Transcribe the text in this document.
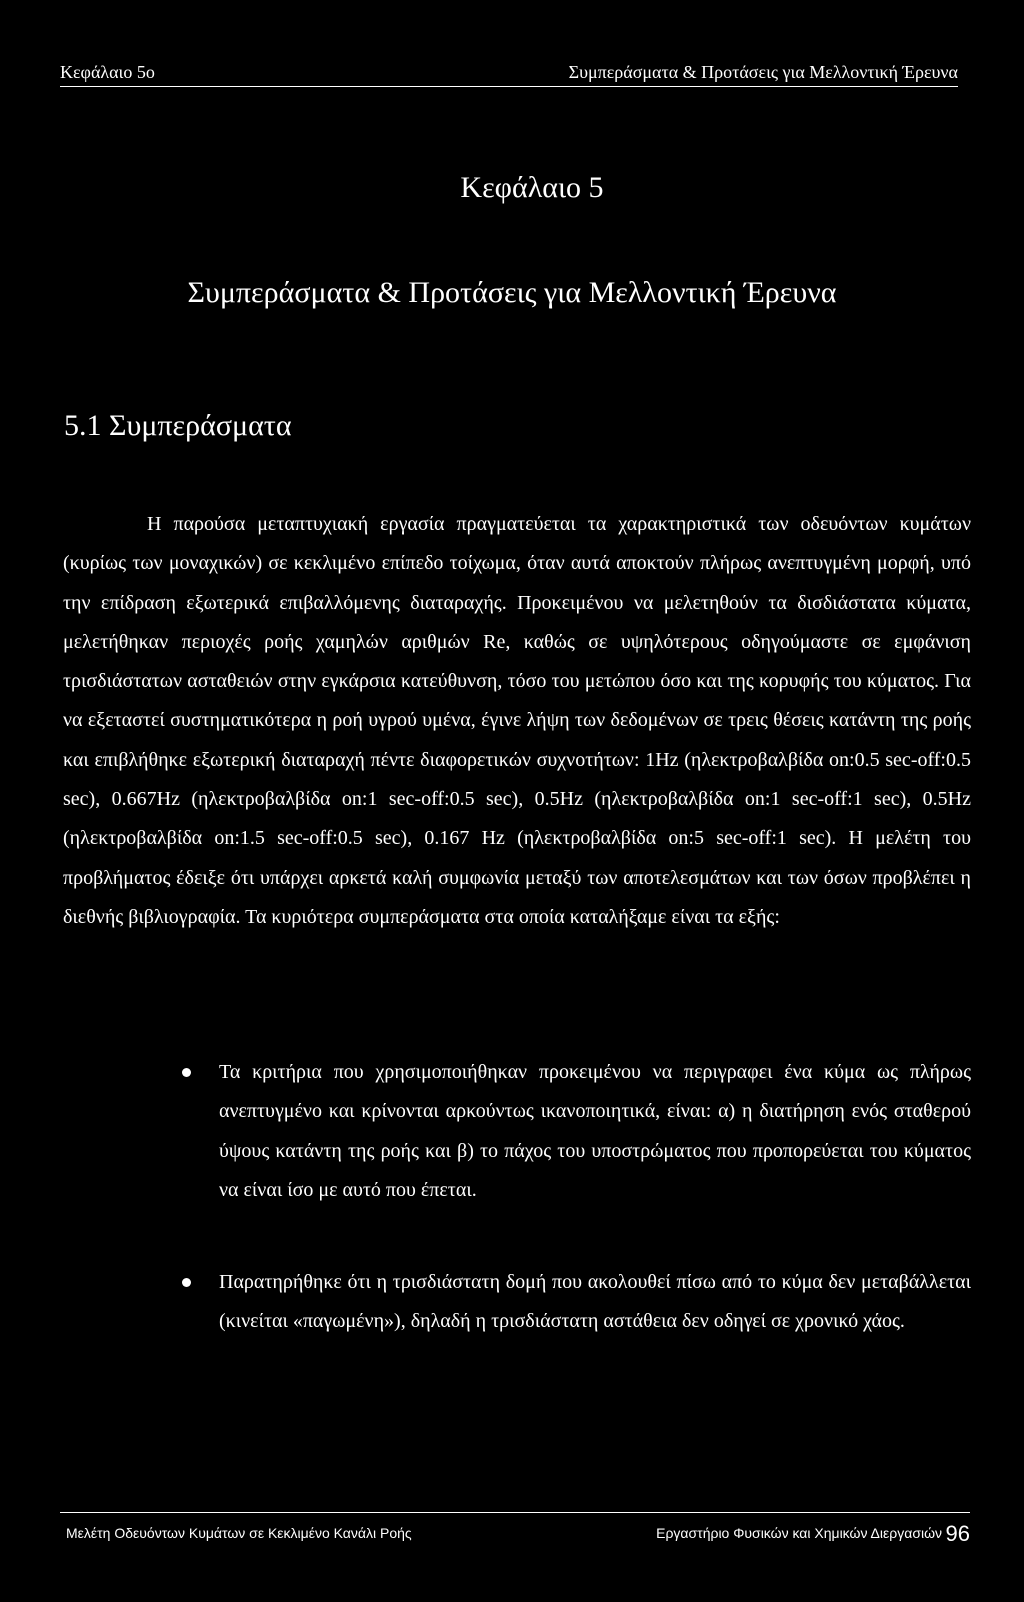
Κεφάλαιο 5ο	Συμπεράσματα & Προτάσεις για Μελλοντική Έρευνα
Κεφάλαιο 5
Συμπεράσματα & Προτάσεις για Μελλοντική Έρευνα
5.1 Συμπεράσματα

Η παρούσα μεταπτυχιακή εργασία πραγματεύεται τα χαρακτηριστικά των οδευόντων κυμάτων (κυρίως των μοναχικών) σε κεκλιμένο επίπεδο τοίχωμα, όταν αυτά αποκτούν πλήρως ανεπτυγμένη μορφή, υπό την επίδραση εξωτερικά επιβαλλόμενης διαταραχής. Προκειμένου να μελετηθούν τα δισδιάστατα κύματα, μελετήθηκαν περιοχές ροής χαμηλών αριθμών Re, καθώς σε υψηλότερους οδηγούμαστε σε εμφάνιση τρισδιάστατων ασταθειών στην εγκάρσια κατεύθυνση, τόσο του μετώπου όσο και της κορυφής του κύματος. Για να εξεταστεί συστηματικότερα η ροή υγρού υμένα, έγινε λήψη των δεδομένων σε τρεις θέσεις κατάντη της ροής και επιβλήθηκε εξωτερική διαταραχή πέντε διαφορετικών συχνοτήτων: 1Hz (ηλεκτροβαλβίδα on:0.5 sec-off:0.5 sec), 0.667Hz (ηλεκτροβαλβίδα on:1 sec-off:0.5 sec), 0.5Hz (ηλεκτροβαλβίδα on:1 sec-off:1 sec), 0.5Hz (ηλεκτροβαλβίδα on:1.5 sec-off:0.5 sec), 0.167 Hz (ηλεκτροβαλβίδα on:5 sec-off:1 sec). Η μελέτη του προβλήματος έδειξε ότι υπάρχει αρκετά καλή συμφωνία μεταξύ των αποτελεσμάτων και των όσων προβλέπει η διεθνής βιβλιογραφία. Τα κυριότερα συμπεράσματα στα οποία καταλήξαμε είναι τα εξής:

Τα κριτήρια που χρησιμοποιήθηκαν προκειμένου να περιγραφει ένα κύμα ως πλήρως ανεπτυγμένο και κρίνονται αρκούντως ικανοποιητικά, είναι: α) η διατήρηση ενός σταθερού ύψους κατάντη της ροής και β) το πάχος του υποστρώματος που προπορεύεται του κύματος να είναι ίσο με αυτό που έπεται.
Παρατηρήθηκε ότι η τρισδιάστατη δομή που ακολουθεί πίσω από το κύμα δεν μεταβάλλεται (κινείται «παγωμένη»), δηλαδή η τρισδιάστατη αστάθεια δεν οδηγεί σε χρονικό χάος.
Μελέτη Οδευόντων Κυμάτων σε Κεκλιμένο Κανάλι Ροής	Εργαστήριο Φυσικών και Χημικών Διεργασιών 96
